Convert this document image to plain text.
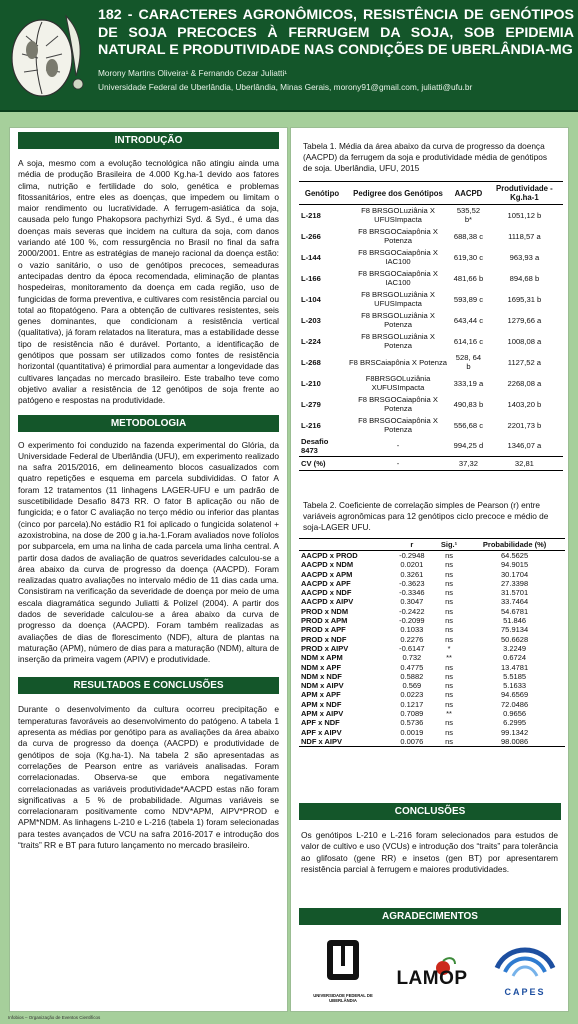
182 - CARACTERES AGRONÔMICOS, RESISTÊNCIA DE GENÓTIPOS DE SOJA PRECOCES À FERRUGEM DA SOJA, SOB EPIDEMIA NATURAL E PRODUTIVIDADE NAS CONDIÇÕES DE UBERLÂNDIA-MG
Morony Martins Oliveira¹ & Fernando Cezar Juliatti¹
Universidade Federal de Uberlândia, Uberlândia, Minas Gerais, morony91@gmail.com, juliatti@ufu.br
INTRODUÇÃO
A soja, mesmo com a evolução tecnológica não atingiu ainda uma média de produção Brasileira de 4.000 Kg.ha-1 devido aos fatores clima, nutrição e fertilidade do solo, genética e problemas fitossanitários, entre eles as doenças, que impedem ou limitam o maior rendimento ou lucratividade. A ferrugem-asiática da soja, causada pelo fungo Phakopsora pachyrhizi Syd. & Syd., é uma das doenças mais severas que incidem na cultura da soja, com danos variando até 100 %, com ressurgência no Brasil no final da safra 2000/2001. Entre as estratégias de manejo racional da doença estão: o vazio sanitário, o uso de genótipos precoces, semeaduras antecipadas dentro da época recomendada, eliminação de plantas hospedeiras, monitoramento da doença em cada região, uso de fungicidas de forma preventiva, e cultivares com resistência parcial ou total ao fitopatógeno. Para a obtenção de cultivares resistentes, seis genes dominantes, que condicionam a resistência vertical (qualitativa), já foram relatados na literatura, mas a estabilidade desse tipo de resistência não é durável. Portanto, a identificação de genótipos que possam ser utilizados como fontes de resistência horizontal (quantitativa) é primordial para aumentar a longevidade das cultivares lançadas no mercado brasileiro. Este trabalho teve como objetivo avaliar a resistência de 12 genótipos de soja frente ao patógeno e respostas na produtividade.
METODOLOGIA
O experimento foi conduzido na fazenda experimental do Glória, da Universidade Federal de Uberlândia (UFU), em experimento realizado na safra 2015/2016, em delineamento blocos casualizados com quatro repetições e esquema em parcela subdivididas. O fator A foram 12 tratamentos (11 linhagens LAGER-UFU e um padrão de suscetibilidade Desafio 8473 RR. O fator B aplicação ou não de fungicida; e o fator C avaliação no terço médio ou inferior das plantas (cinco por parcela).No estádio R1 foi aplicado o fungicida solatenol + azoxistrobina, na dose de 200 g ia.ha-1.Foram avaliados nove folíolos por subparcela, em uma na linha de cada parcela uma linha central. A partir dosa dados de avaliação de quatros severidades calculou-se a área abaixo da curva de progresso da doença (AACPD). Foram realizadas quatro avaliações no intervalo médio de 11 dias cada uma. Consistiram na verificação da severidade de doença por meio de uma escala diagramática segundo Juliatti & Polizel (2004). A partir dos dados de severidade calculou-se a área abaixo da curva de progresso da doença (AACPD). Foram também realizadas as avaliações de dias de florescimento (NDF), altura de plantas na maturação (APM), número de dias para a maturação (NDM), altura de inserção da primeira vagem (APIV) e produtividade.
RESULTADOS E CONCLUSÕES
Durante o desenvolvimento da cultura ocorreu precipitação e temperaturas favoráveis ao desenvolvimento do patógeno. A tabela 1 apresenta as médias por genótipo para as avaliações da área abaixo da curva de progresso da doença (AACPD) e produtividade de genótipos de soja (Kg.ha-1). Na tabela 2 são apresentadas as correlações de Pearson entre as variáveis analisadas. Foram correlacionadas. Observa-se que embora negativamente correlacionadas as variáveis produtividade*AACPD estas não foram significativas a 5 % de probabilidade. Algumas variáveis se correlacionaram positivamente como NDV*APM, AIPV*PROD e APM*NDM. As linhagens L-210 e L-216 (tabela 1) foram selecionadas para testes avançados de VCU na safra 2016-2017 e introdução dos “traits” RR e BT para futuro lançamento no mercado brasileiro.
Tabela 1. Média da área abaixo da curva de progresso da doença (AACPD) da ferrugem da soja e produtividade média de genótipos de soja. Uberlândia, UFU, 2015
Genótipo	Pedigree dos Genótipos	AACPD	Produtividade -Kg.ha-1
L-218	F8 BRSGOLuziânia X UFUSImpacta	535,52 b*	1051,12 b
L-266	F8 BRSGOCaiapônia X Potenza	688,38 c	1118,57 a
L-144	F8 BRSGOCaiapônia X IAC100	619,30 c	963,93 a
L-166	F8 BRSGOCaiapônia X IAC100	481,66 b	894,68 b
L-104	F8 BRSGOLuziânia X UFUSImpacta	593,89 c	1695,31 b
L-203	F8 BRSGOLuziânia X Potenza	643,44 c	1279,66 a
L-224	F8 BRSGOLuziânia X Potenza	614,16 c	1008,08 a
L-268	F8 BRSCaiapônia X Potenza	528, 64 b	1127,52 a
L-210	F8BRSGOLuziânia XUFUSImpacta	333,19 a	2268,08 a
L-279	F8 BRSGOCaiapônia X Potenza	490,83 b	1403,20 b
L-216	F8 BRSGOCaiapônia X Potenza	556,68 c	2201,73 b
Desafio 8473	-	994,25 d	1346,07 a
CV (%)	-	37,32	32,81
Tabela 2. Coeficiente de correlação simples de Pearson (r) entre variáveis agronômicas para 12 genótipos ciclo precoce e médio de soja-LAGER UFU.
	r	Sig.¹	Probabilidade (%)
AACPD x PROD	-0.2948	ns	64.5625
AACPD x NDM	0.0201	ns	94.9015
AACPD x APM	0.3261	ns	30.1704
AACPD x APF	-0.3623	ns	27.3398
AACPD x NDF	-0.3346	ns	31.5701
AACPD x AIPV	0.3047	ns	33.7464
PROD x NDM	-0.2422	ns	54.6781
PROD x APM	-0.2099	ns	51.846
PROD x APF	0.1033	ns	75.9134
PROD x NDF	0.2276	ns	50.6628
PROD x AIPV	-0.6147	*	3.2249
NDM x APM	0.732	**	0.6724
NDM x APF	0.4775	ns	13.4781
NDM x NDF	0.5882	ns	5.5185
NDM x AIPV	0.569	ns	5.1633
APM x APF	0.0223	ns	94.6569
APM x NDF	0.1217	ns	72.0486
APM x AIPV	0.7089	**	0.9656
APF x NDF	0.5736	ns	6.2995
APF x AIPV	0.0019	ns	99.1342
NDF x AIPV	0.0076	ns	98.0086
CONCLUSÕES
Os genótipos L-210 e L-216 foram selecionados para estudos de valor de cultivo e uso (VCUs) e introdução dos “traits” para tolerância ao glifosato (gene RR) e insetos (gen BT) por apresentarem resistência parcial à ferrugem e maiores produtividades.
AGRADECIMENTOS
UNIVERSIDADE FEDERAL DE UBERLÂNDIA
LAMOP
CAPES
Infobios – Organização de Eventos Científicos
